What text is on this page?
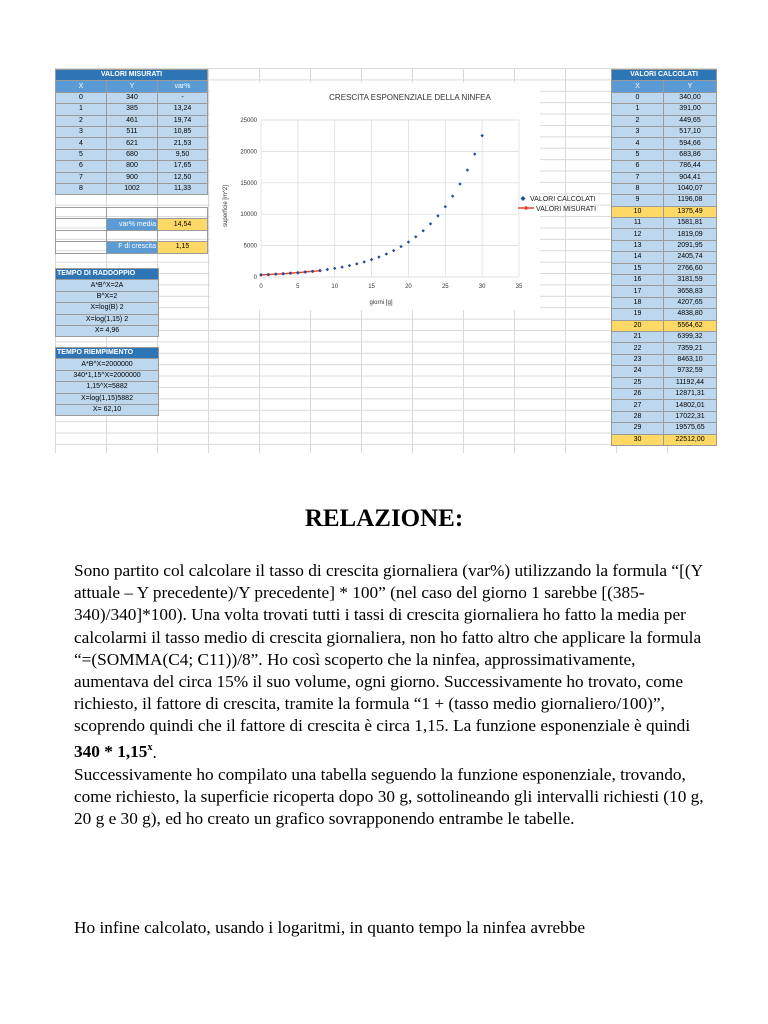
VALORI MISURATI		
X	Y	var%
0	340	-
1	385	13,24
2	461	19,74
3	511	10,85
4	621	21,53
5	680	9,50
6	800	17,65
7	900	12,50
8	1002	11,33

	var% media	14,54

	F di crescita	1,15
TEMPO DI RADDOPPIO
A*B^X=2A
B^X=2
X=log(B) 2
X=log(1,15) 2
X= 4,96
TEMPO RIEMPIMENTO
A*B^X=2000000
340*1,15^X=2000000
1,15^X=5882
X=log(1,15)5882
X= 62,10
VALORI CALCOLATI	
X	Y
0	340,00
1	391,00
2	449,65
3	517,10
4	594,66
5	683,86
6	786,44
7	904,41
8	1040,07
9	1196,08
10	1375,49
11	1581,81
12	1819,09
13	2091,95
14	2405,74
15	2766,60
16	3181,59
17	3658,83
18	4207,65
19	4838,80
20	5564,62
21	6399,32
22	7359,21
23	8463,10
24	9732,59
25	11192,44
26	12871,31
27	14802,01
28	17022,31
29	19575,65
30	22512,00
CRESCITA ESPONENZIALE DELLA NINFEA
0
5000
10000
15000
20000
25000
0	5	10	15	20	25	30	35
giorni [g]
superficie [m^2]	VALORI CALCOLATI
VALORI MISURATI
RELAZIONE:
Sono partito col calcolare il tasso di crescita giornaliera (var%) utilizzando la formula “[(Y attuale – Y precedente)/Y precedente] * 100” (nel caso del giorno 1 sarebbe [(385-340)/340]*100). Una volta trovati tutti i tassi di crescita giornaliera ho fatto la media per calcolarmi il tasso medio di crescita giornaliera, non ho fatto altro che applicare la formula “=(SOMMA(C4; C11))/8”. Ho così scoperto che la ninfea, approssimativamente, aumentava del circa 15% il suo volume, ogni giorno. Successivamente ho trovato, come richiesto, il fattore di crescita, tramite la formula “1 + (tasso medio giornaliero/100)”, scoprendo quindi che il fattore di crescita è circa 1,15. La funzione esponenziale è quindi 340 * 1,15$^x$.
Successivamente ho compilato una tabella seguendo la funzione esponenziale, trovando, come richiesto, la superficie ricoperta dopo 30 g, sottolineando gli intervalli richiesti (10 g, 20 g e 30 g), ed ho creato un grafico sovrapponendo entrambe le tabelle.
Ho infine calcolato, usando i logaritmi, in quanto tempo la ninfea avrebbe
